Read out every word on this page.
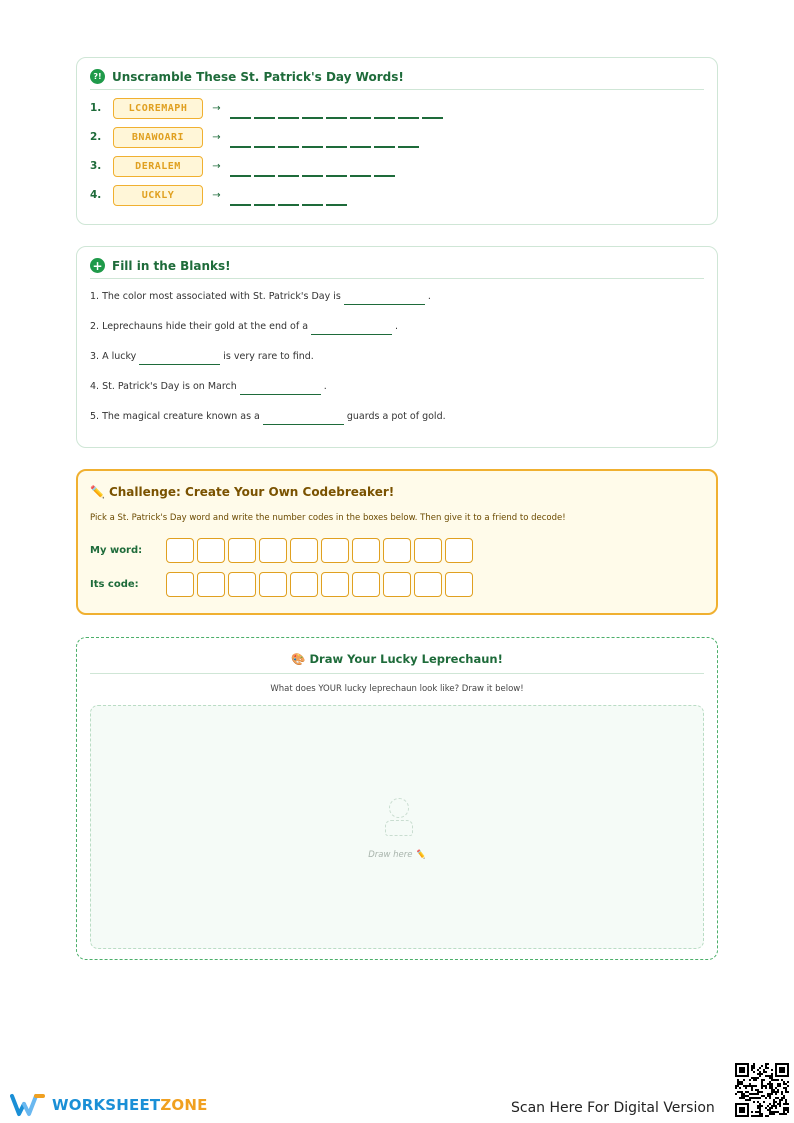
?! Unscramble These St. Patrick's Day Words!
1.	LCOREMAPH	→
2.	BNAWOARI	→
3.	DERALEM	→
4.	UCKLY	→
+ Fill in the Blanks!
1. The color most associated with St. Patrick's Day is	.
2. Leprechauns hide their gold at the end of a	.
3. A lucky	is very rare to find.
4. St. Patrick's Day is on March	.
5. The magical creature known as a	guards a pot of gold.
✏️ Challenge: Create Your Own Codebreaker!
Pick a St. Patrick's Day word and write the number codes in the boxes below. Then give it to a friend to decode!
My word:
Its code:
🎨 Draw Your Lucky Leprechaun!
What does YOUR lucky leprechaun look like? Draw it below!
Draw here ✏️
WORKSHEETZONE	Scan Here For Digital Version
